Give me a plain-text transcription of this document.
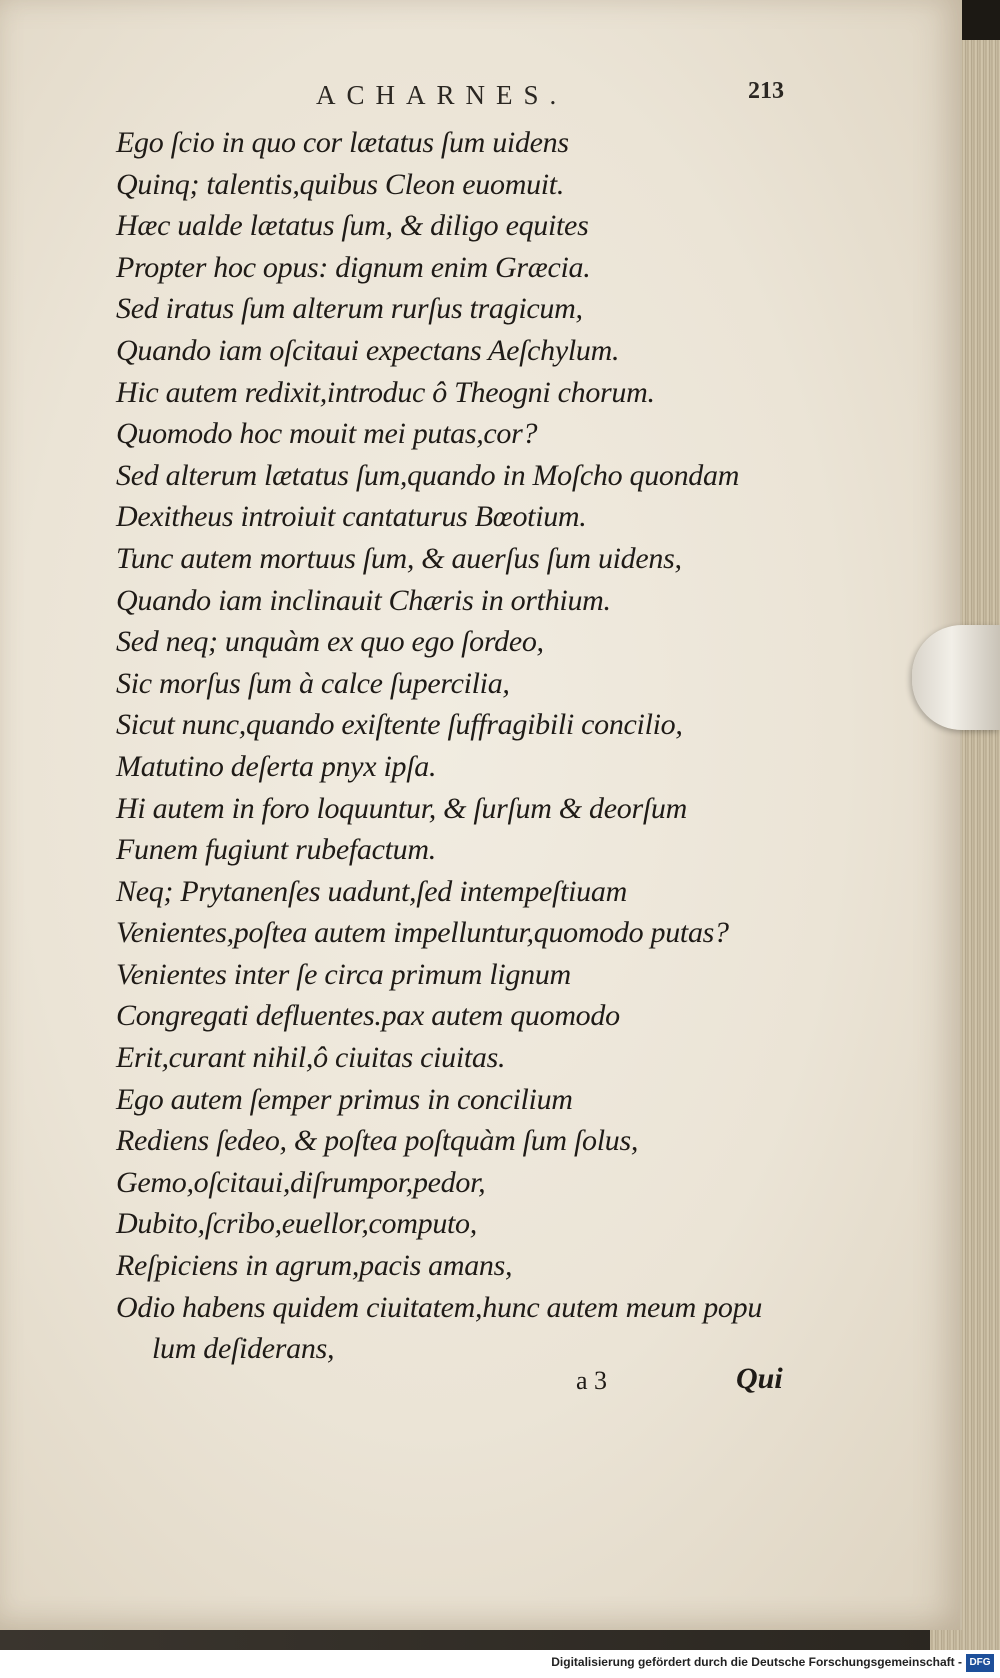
ACHARNES.	213
Ego ſcio in quo cor lætatus ſum uidens
Quinq; talentis,quibus Cleon euomuit.
Hæc ualde lætatus ſum, & diligo equites
Propter hoc opus: dignum enim Græcia.
Sed iratus ſum alterum rurſus tragicum,
Quando iam oſcitaui expectans Aeſchylum.
Hic autem redixit,introduc ô Theogni chorum.
Quomodo hoc mouit mei putas,cor?
Sed alterum lætatus ſum,quando in Moſcho quondam
Dexitheus introiuit cantaturus Bœotium.
Tunc autem mortuus ſum, & auerſus ſum uidens,
Quando iam inclinauit Chæris in orthium.
Sed neq; unquàm ex quo ego ſordeo,
Sic morſus ſum à calce ſupercilia,
Sicut nunc,quando exiſtente ſuffragibili concilio,
Matutino deſerta pnyx ipſa.
Hi autem in foro loquuntur, & ſurſum & deorſum
Funem fugiunt rubefactum.
Neq; Prytanenſes uadunt,ſed intempeſtiuam
Venientes,poſtea autem impelluntur,quomodo putas?
Venientes inter ſe circa primum lignum
Congregati defluentes.pax autem quomodo
Erit,curant nihil,ô ciuitas ciuitas.
Ego autem ſemper primus in concilium
Rediens ſedeo, & poſtea poſtquàm ſum ſolus,
Gemo,oſcitaui,diſrumpor,pedor,
Dubito,ſcribo,euellor,computo,
Reſpiciens in agrum,pacis amans,
Odio habens quidem ciuitatem,hunc autem meum popu
lum deſiderans,
a 3	Qui
Digitalisierung gefördert durch die Deutsche Forschungsgemeinschaft - DFG
